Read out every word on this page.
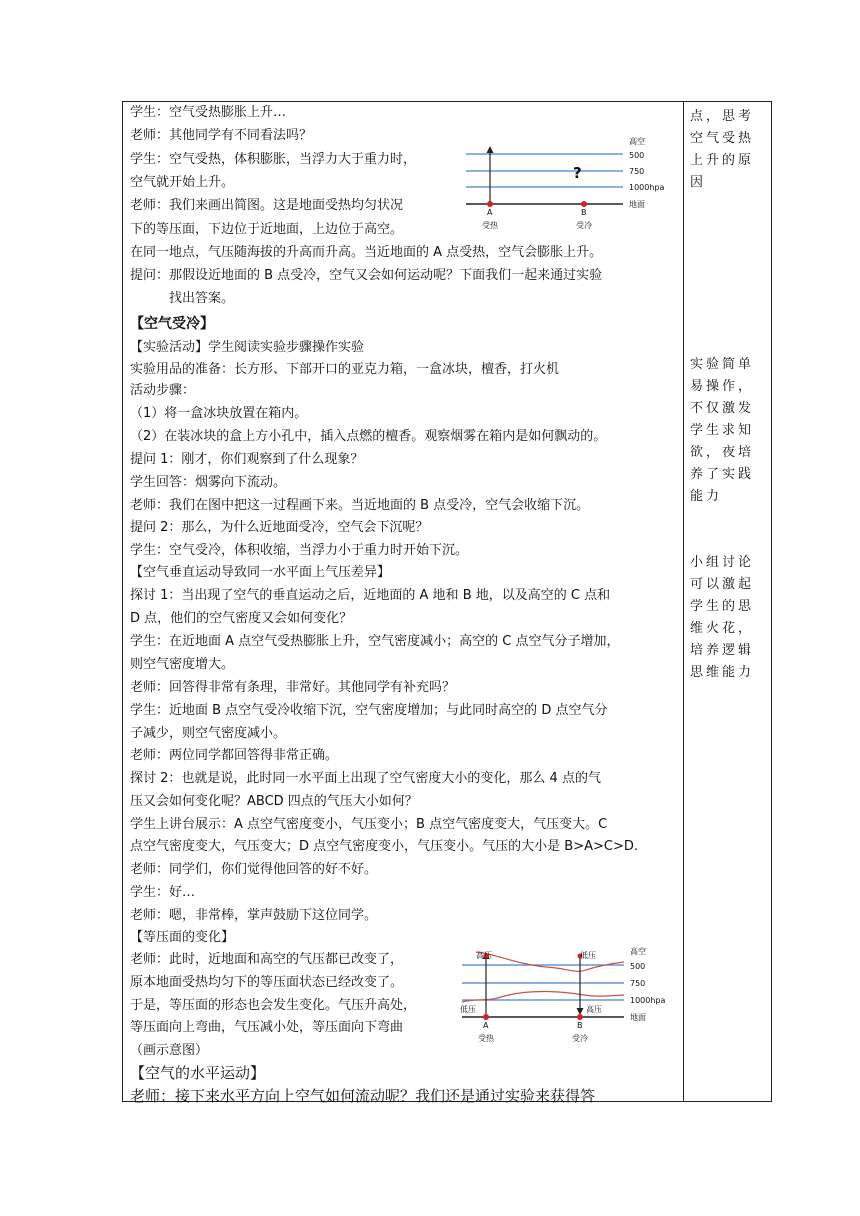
学生：空气受热膨胀上升…
老师：其他同学有不同看法吗？
学生：空气受热，体积膨胀，当浮力大于重力时，
空气就开始上升。
老师：我们来画出简图。这是地面受热均匀状况
下的等压面，下边位于近地面，上边位于高空。
在同一地点，气压随海拔的升高而升高。当近地面的 A 点受热，空气会膨胀上升。
提问：那假设近地面的 B 点受冷，空气又会如何运动呢？下面我们一起来通过实验
　　　找出答案。
【空气受冷】
【实验活动】学生阅读实验步骤操作实验
实验用品的准备：长方形、下部开口的亚克力箱，一盒冰块，檀香，打火机
活动步骤：
（1）将一盒冰块放置在箱内。
（2）在装冰块的盒上方小孔中，插入点燃的檀香。观察烟雾在箱内是如何飘动的。
提问 1：刚才，你们观察到了什么现象？
学生回答：烟雾向下流动。
老师：我们在图中把这一过程画下来。当近地面的 B 点受冷，空气会收缩下沉。
提问 2：那么，为什么近地面受冷，空气会下沉呢？
学生：空气受冷，体积收缩，当浮力小于重力时开始下沉。
【空气垂直运动导致同一水平面上气压差异】
探讨 1：当出现了空气的垂直运动之后，近地面的 A 地和 B 地，以及高空的 C 点和
D 点，他们的空气密度又会如何变化？
学生：在近地面 A 点空气受热膨胀上升，空气密度减小；高空的 C 点空气分子增加，
则空气密度增大。
老师：回答得非常有条理，非常好。其他同学有补充吗？
学生：近地面 B 点空气受冷收缩下沉，空气密度增加；与此同时高空的 D 点空气分
子减少，则空气密度减小。
老师：两位同学都回答得非常正确。
探讨 2：也就是说，此时同一水平面上出现了空气密度大小的变化，那么 4 点的气
压又会如何变化呢？ABCD 四点的气压大小如何？
学生上讲台展示：A 点空气密度变小，气压变小；B 点空气密度变大，气压变大。C
点空气密度变大，气压变大；D 点空气密度变小，气压变小。气压的大小是 B>A>C>D.
老师：同学们，你们觉得他回答的好不好。
学生：好…
老师：嗯，非常棒，掌声鼓励下这位同学。
【等压面的变化】
老师：此时，近地面和高空的气压都已改变了，
原本地面受热均匀下的等压面状态已经改变了。
于是，等压面的形态也会发生变化。气压升高处，
等压面向上弯曲，气压减小处，等压面向下弯曲
（画示意图）
【空气的水平运动】
老师：接下来水平方向上空气如何流动呢？我们还是通过实验来获得答
点，思考空气受热上升的原因
实验简单易操作，不仅激发学生求知欲，夜培养了实践能力
小组讨论可以激起学生的思维火花，培养逻辑思维能力
?
高空
500
750
1000hpa
地面
A	B
受热	受冷
高压	低压
低压	高压
高空
500
750
1000hpa
地面
A	B
受热	受冷
